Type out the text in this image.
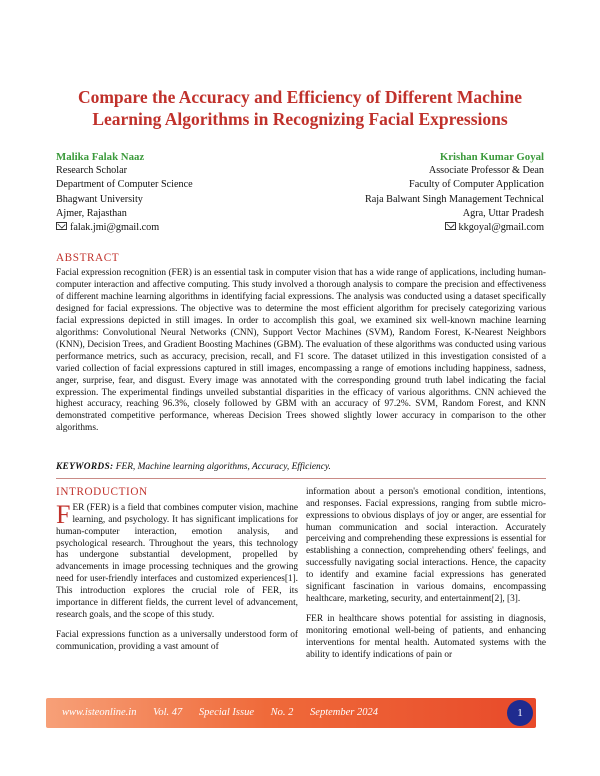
Compare the Accuracy and Efficiency of Different Machine
Learning Algorithms in Recognizing Facial Expressions
Malika Falak Naaz
Research Scholar
Department of Computer Science
Bhagwant University
Ajmer, Rajasthan
falak.jmi@gmail.com
Krishan Kumar Goyal
Associate Professor & Dean
Faculty of Computer Application
Raja Balwant Singh Management Technical
Agra, Uttar Pradesh
kkgoyal@gmail.com
ABSTRACT
Facial expression recognition (FER) is an essential task in computer vision that has a wide range of applications, including human-computer interaction and affective computing. This study involved a thorough analysis to compare the precision and effectiveness of different machine learning algorithms in identifying facial expressions. The analysis was conducted using a dataset specifically designed for facial expressions. The objective was to determine the most efficient algorithm for precisely categorizing various facial expressions depicted in still images. In order to accomplish this goal, we examined six well-known machine learning algorithms: Convolutional Neural Networks (CNN), Support Vector Machines (SVM), Random Forest, K-Nearest Neighbors (KNN), Decision Trees, and Gradient Boosting Machines (GBM). The evaluation of these algorithms was conducted using various performance metrics, such as accuracy, precision, recall, and F1 score. The dataset utilized in this investigation consisted of a varied collection of facial expressions captured in still images, encompassing a range of emotions including happiness, sadness, anger, surprise, fear, and disgust. Every image was annotated with the corresponding ground truth label indicating the facial expression. The experimental findings unveiled substantial disparities in the efficacy of various algorithms. CNN achieved the highest accuracy, reaching 96.3%, closely followed by GBM with an accuracy of 97.2%. SVM, Random Forest, and KNN demonstrated competitive performance, whereas Decision Trees showed slightly lower accuracy in comparison to the other algorithms.
KEYWORDS: FER, Machine learning algorithms, Accuracy, Efficiency.
INTRODUCTION

FER (FER) is a field that combines computer vision, machine learning, and psychology. It has significant implications for human-computer interaction, emotion analysis, and psychological research. Throughout the years, this technology has undergone substantial development, propelled by advancements in image processing techniques and the growing need for user-friendly interfaces and customized experiences[1]. This introduction explores the crucial role of FER, its importance in different fields, the current level of advancement, research goals, and the scope of this study.

Facial expressions function as a universally understood form of communication, providing a vast amount of

information about a person's emotional condition, intentions, and responses. Facial expressions, ranging from subtle micro-expressions to obvious displays of joy or anger, are essential for human communication and social interaction. Accurately perceiving and comprehending these expressions is essential for establishing a connection, comprehending others' feelings, and successfully navigating social interactions. Hence, the capacity to identify and examine facial expressions has generated significant fascination in various domains, encompassing healthcare, marketing, security, and entertainment[2], [3].

FER in healthcare shows potential for assisting in diagnosis, monitoring emotional well-being of patients, and enhancing interventions for mental health. Automated systems with the ability to identify indications of pain or

www.isteonline.in Vol. 47 Special Issue No. 2 September 2024	1
